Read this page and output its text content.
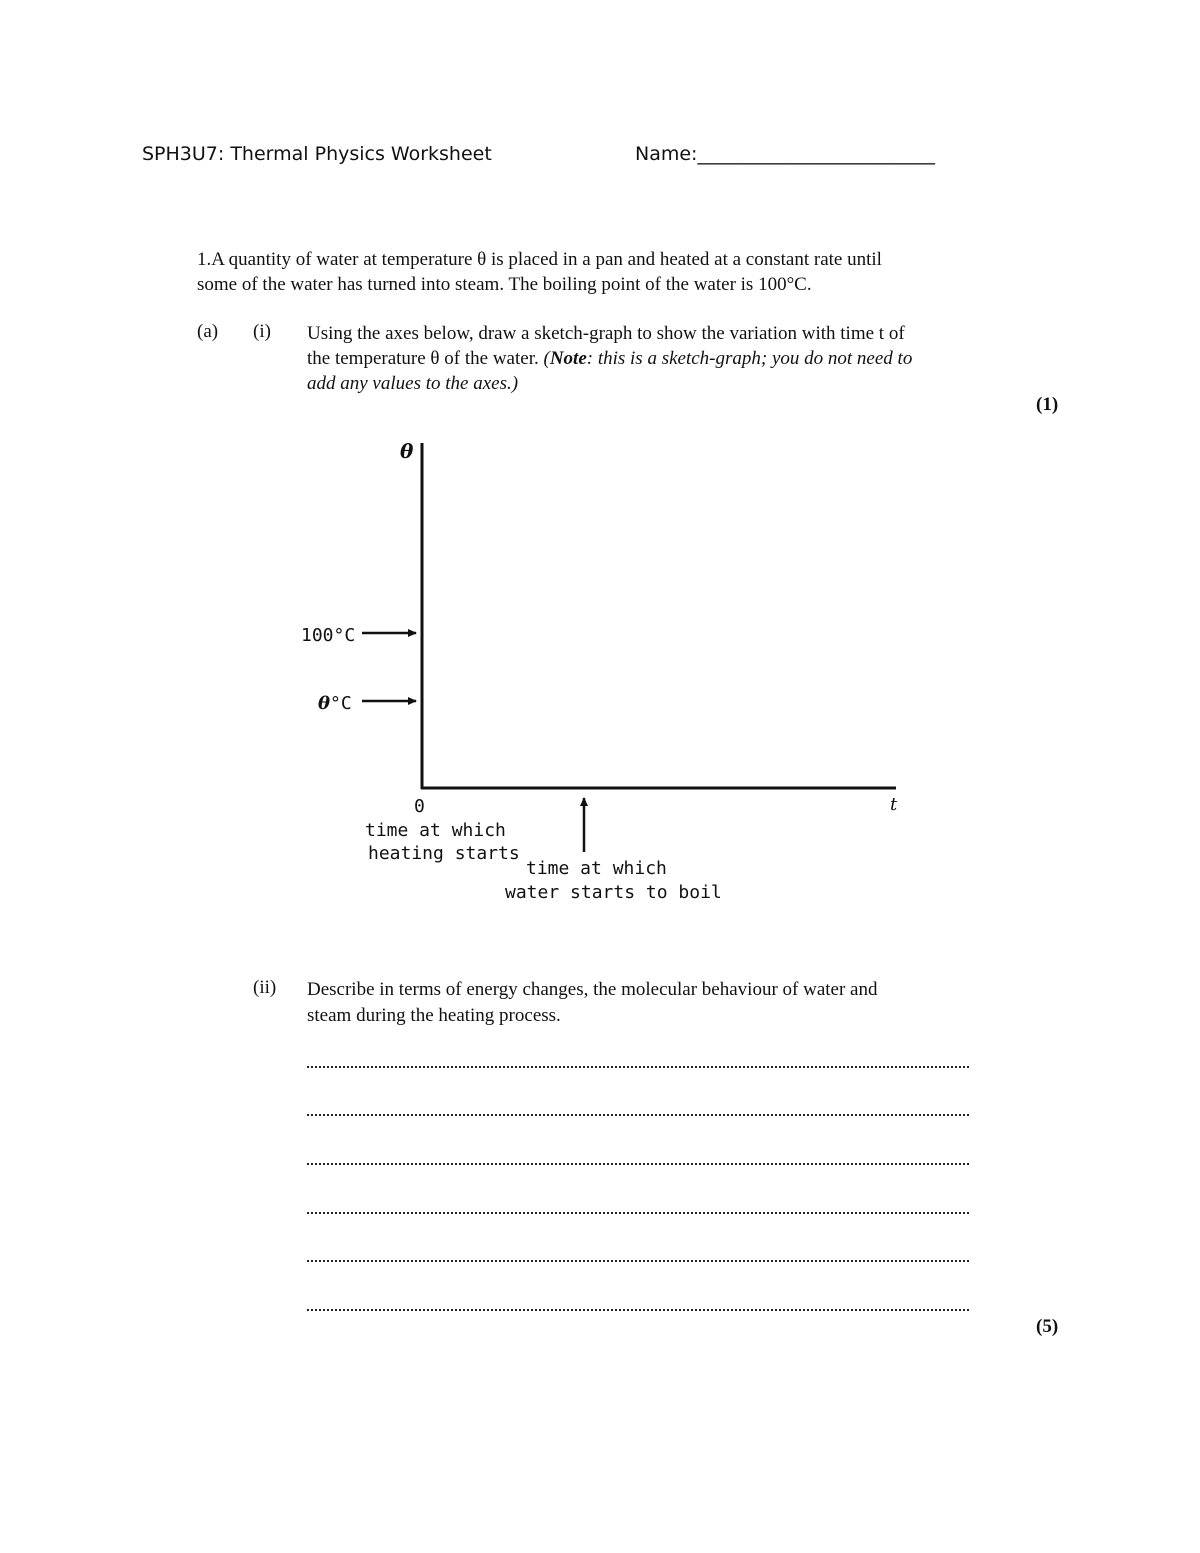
SPH3U7: Thermal Physics Worksheet	Name:_________________________
1.A quantity of water at temperature θ is placed in a pan and heated at a constant rate until
some of the water has turned into steam. The boiling point of the water is 100°C.
(a) (i) Using the axes below, draw a sketch-graph to show the variation with time t of
the temperature θ of the water. (Note: this is a sketch-graph; you do not need to
add any values to the axes.)
(1)
θ
100°C
θ°C
0	t
time at which
heating starts
time at which
water starts to boil
(ii) Describe in terms of energy changes, the molecular behaviour of water and
steam during the heating process.
(5)
